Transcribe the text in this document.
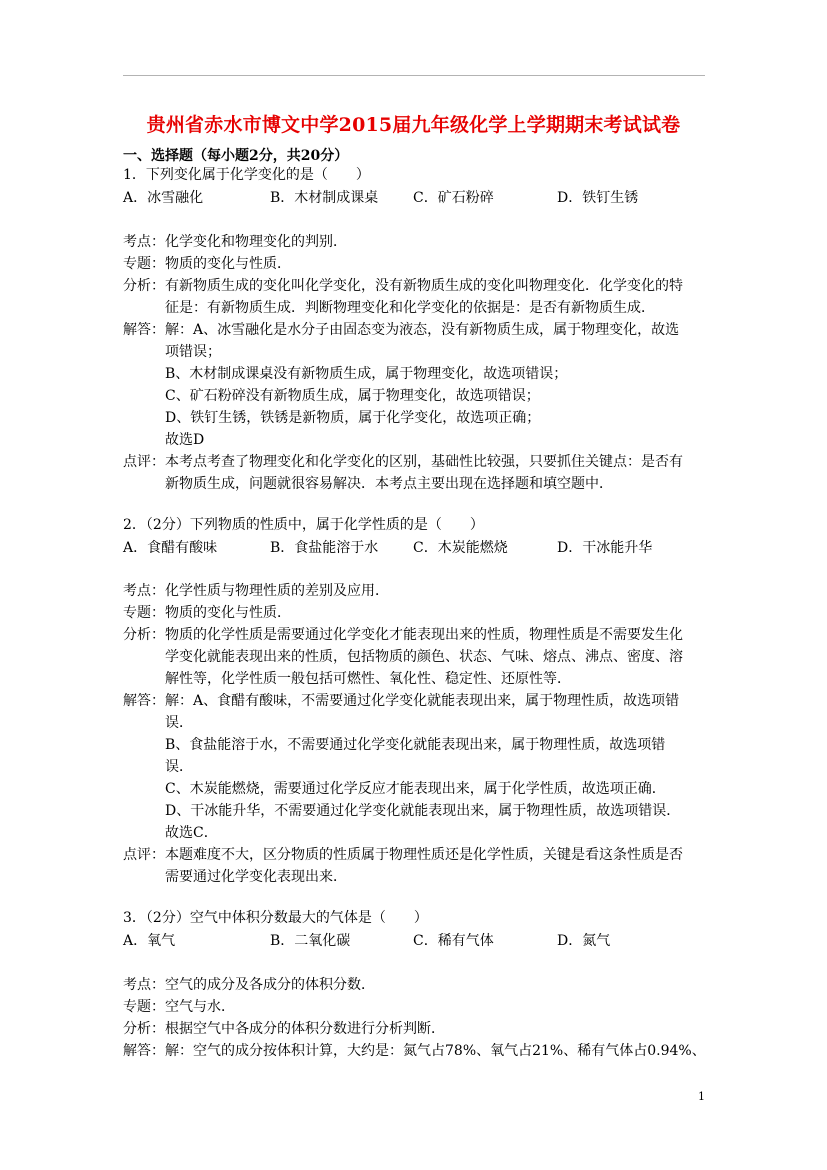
贵州省赤水市博文中学2015届九年级化学上学期期末考试试卷
一、选择题（每小题2分，共20分）
1．下列变化属于化学变化的是（　　）
A．冰雪融化	B．木材制成课桌 C．矿石粉碎	D．铁钉生锈
考点： 化学变化和物理变化的判别．
专题： 物质的变化与性质．
分析： 有新物质生成的变化叫化学变化，没有新物质生成的变化叫物理变化．化学变化的特
征是：有新物质生成．判断物理变化和化学变化的依据是：是否有新物质生成．
解答： 解：A、冰雪融化是水分子由固态变为液态，没有新物质生成，属于物理变化，故选
项错误；
B、木材制成课桌没有新物质生成，属于物理变化，故选项错误；
C、矿石粉碎没有新物质生成，属于物理变化，故选项错误；
D、铁钉生锈，铁锈是新物质，属于化学变化，故选项正确；
故选D
点评： 本考点考查了物理变化和化学变化的区别，基础性比较强，只要抓住关键点：是否有
新物质生成，问题就很容易解决．本考点主要出现在选择题和填空题中．
2．（2分）下列物质的性质中，属于化学性质的是（　　）
A．食醋有酸味	B．食盐能溶于水 C．木炭能燃烧	D．干冰能升华
考点： 化学性质与物理性质的差别及应用．
专题： 物质的变化与性质．
分析： 物质的化学性质是需要通过化学变化才能表现出来的性质，物理性质是不需要发生化
学变化就能表现出来的性质，包括物质的颜色、状态、气味、熔点、沸点、密度、溶
解性等，化学性质一般包括可燃性、氧化性、稳定性、还原性等．
解答： 解：A、食醋有酸味，不需要通过化学变化就能表现出来，属于物理性质，故选项错
误．
B、食盐能溶于水，不需要通过化学变化就能表现出来，属于物理性质，故选项错
误．
C、木炭能燃烧，需要通过化学反应才能表现出来，属于化学性质，故选项正确．
D、干冰能升华，不需要通过化学变化就能表现出来，属于物理性质，故选项错误．
故选C．
点评： 本题难度不大，区分物质的性质属于物理性质还是化学性质，关键是看这条性质是否
需要通过化学变化表现出来．
3．（2分）空气中体积分数最大的气体是（　　）
A．氧气	B．二氧化碳	C．稀有气体	D．氮气
考点： 空气的成分及各成分的体积分数．
专题： 空气与水．
分析： 根据空气中各成分的体积分数进行分析判断．
解答： 解：空气的成分按体积计算，大约是：氮气占78%、氧气占21%、稀有气体占0.94%、
1
